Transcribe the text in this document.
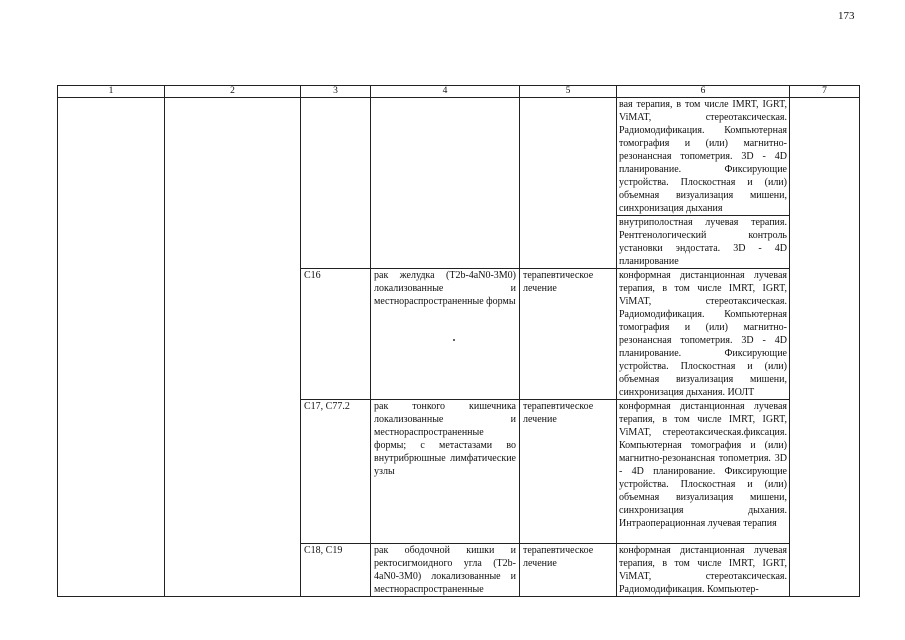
173
1	2	3	4	5	6	7
					вая терапия, в том числе IMRT, IGRT, ViMAT, стереотаксическая. Радиомодификация. Компьютерная томография и (или) магнитно-резонансная топометрия. 3D - 4D планирование. Фиксирующие устройства. Плоскостная и (или) объемная визуализация мишени, синхронизация дыхания	
					внутриполостная лучевая терапия. Рентгенологический контроль установки эндостата. 3D - 4D планирование	
		C16	рак желудка (T2b-4aN0-3M0) локализованные и местнораспространенные формы	терапевтическое лечение	конформная дистанционная лучевая терапия, в том числе IMRT, IGRT, ViMAT, стереотаксическая. Радиомодификация. Компьютерная томография и (или) магнитно-резонансная топометрия. 3D - 4D планирование. Фиксирующие устройства. Плоскостная и (или) объемная визуализация мишени, синхронизация дыхания. ИОЛТ	
		C17, C77.2	рак тонкого кишечника локализованные и местнораспространенные формы; с метастазами во внутрибрюшные лимфатические узлы	терапевтическое лечение	конформная дистанционная лучевая терапия, в том числе IMRT, IGRT, ViMAT, стереотаксическая.фиксация. Компьютерная томография и (или) магнитно-резонансная топометрия. 3D - 4D планирование. Фиксирующие устройства. Плоскостная и (или) объемная визуализация мишени, синхронизация дыхания. Интраоперационная лучевая терапия	
		C18, C19	рак ободочной кишки и ректосигмоидного угла (T2b-4aN0-3M0) локализованные и местнораспространенные	терапевтическое лечение	конформная дистанционная лучевая терапия, в том числе IMRT, IGRT, ViMAT, стереотаксическая. Радиомодификация. Компьютер-	
